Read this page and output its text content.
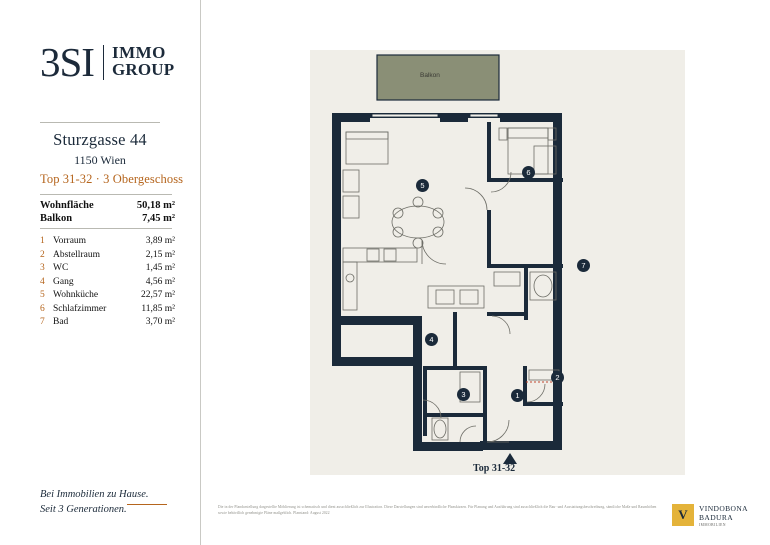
3SI IMMO
GROUP
Sturzgasse 44
1150 Wien
Top 31-32 · 3 Obergeschoss
Wohnfläche	50,18 m²
Balkon	7,45 m²
1 Vorraum	3,89 m²
2 Abstellraum	2,15 m²
3 WC	1,45 m²
4 Gang	4,56 m²
5 Wohnküche	22,57 m²
6 Schlafzimmer	11,85 m²
7 Bad	3,70 m²
Bei Immobilien zu Hause.
Seit 3 Generationen.
Balkon
1
2
3
4
5
6
7
Top 31-32
Die in der Plandarstellung dargestellte Möblierung ist schematisch und dient ausschließlich zur Illustration. Diese Darstellungen sind unverbindliche Planskizzen. Für Planung und Ausführung sind ausschließlich die Bau- und Ausstattungsbeschreibung, sämtliche Maße und Raumhöhen sowie behördlich genehmigte Pläne maßgeblich. Planstand: August 2022	V	VINDOBONA
BADURA
IMMOBILIEN
